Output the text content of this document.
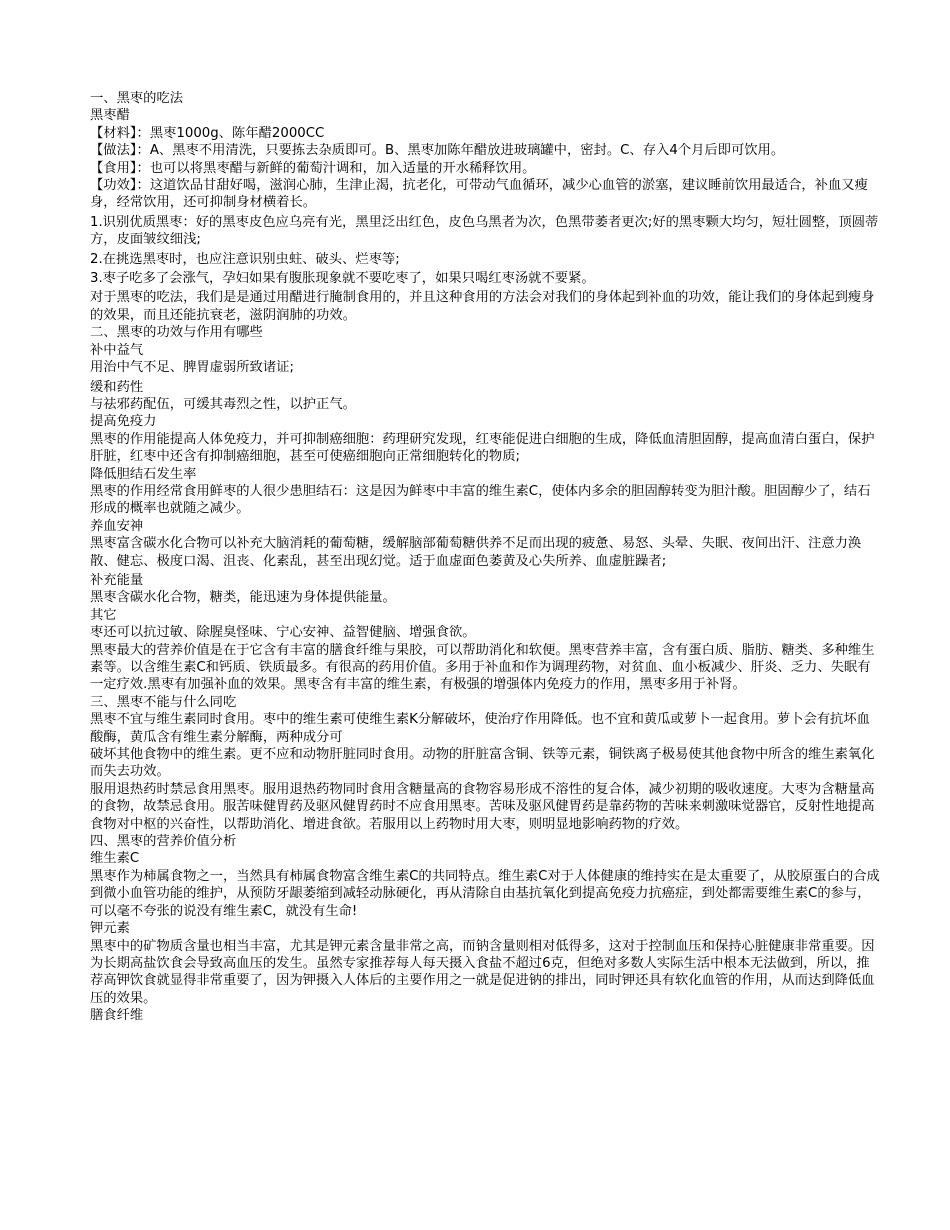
一、黑枣的吃法

黑枣醋

【材料】：黑枣1000g、陈年醋2000CC

【做法】：A、黑枣不用清洗，只要拣去杂质即可。B、黑枣加陈年醋放进玻璃罐中，密封。C、存入4个月后即可饮用。

【食用】：也可以将黑枣醋与新鲜的葡萄汁调和，加入适量的开水稀释饮用。

【功效】：这道饮品甘甜好喝，滋润心肺，生津止渴，抗老化，可带动气血循环，减少心血管的淤塞，建议睡前饮用最适合，补血又瘦身，经常饮用，还可抑制身材横着长。

1.识别优质黑枣：好的黑枣皮色应乌亮有光，黑里泛出红色，皮色乌黑者为次，色黑带萎者更次;好的黑枣颗大均匀，短壮圆整，顶圆蒂方，皮面皱纹细浅;

2.在挑选黑枣时，也应注意识别虫蛀、破头、烂枣等;

3.枣子吃多了会涨气，孕妇如果有腹胀现象就不要吃枣了，如果只喝红枣汤就不要紧。

对于黑枣的吃法，我们是是通过用醋进行腌制食用的，并且这种食用的方法会对我们的身体起到补血的功效，能让我们的身体起到瘦身的效果，而且还能抗衰老，滋阴润肺的功效。

二、黑枣的功效与作用有哪些

补中益气

用治中气不足、脾胃虚弱所致诸证;

缓和药性

与祛邪药配伍，可缓其毒烈之性，以护正气。

提高免疫力

黑枣的作用能提高人体免疫力，并可抑制癌细胞：药理研究发现，红枣能促进白细胞的生成，降低血清胆固醇，提高血清白蛋白，保护肝脏，红枣中还含有抑制癌细胞，甚至可使癌细胞向正常细胞转化的物质;

降低胆结石发生率

黑枣的作用经常食用鲜枣的人很少患胆结石：这是因为鲜枣中丰富的维生素C，使体内多余的胆固醇转变为胆汁酸。胆固醇少了，结石形成的概率也就随之减少。

养血安神

黑枣富含碳水化合物可以补充大脑消耗的葡萄糖，缓解脑部葡萄糖供养不足而出现的疲惫、易怒、头晕、失眠、夜间出汗、注意力涣散、健忘、极度口渴、沮丧、化素乱，甚至出现幻觉。适于血虚面色萎黄及心失所养、血虚脏躁者;

补充能量

黑枣含碳水化合物，糖类，能迅速为身体提供能量。

其它

枣还可以抗过敏、除腥臭怪味、宁心安神、益智健脑、增强食欲。

黑枣最大的营养价值是在于它含有丰富的膳食纤维与果胶，可以帮助消化和软便。黑枣营养丰富，含有蛋白质、脂肪、糖类、多种维生素等。以含维生素C和钙质、铁质最多。有很高的药用价值。多用于补血和作为调理药物，对贫血、血小板减少、肝炎、乏力、失眠有一定疗效.黑枣有加强补血的效果。黑枣含有丰富的维生素，有极强的增强体内免疫力的作用，黑枣多用于补肾。

三、黑枣不能与什么同吃

黑枣不宜与维生素同时食用。枣中的维生素可使维生素K分解破坏，使治疗作用降低。也不宜和黄瓜或萝卜一起食用。萝卜会有抗坏血酸酶，黄瓜含有维生素分解酶，两种成分可

破坏其他食物中的维生素。更不应和动物肝脏同时食用。动物的肝脏富含铜、铁等元素，铜铁离子极易使其他食物中所含的维生素氧化而失去功效。

服用退热药时禁忌食用黑枣。服用退热药物同时食用含糖量高的食物容易形成不溶性的复合体，减少初期的吸收速度。大枣为含糖量高的食物，故禁忌食用。服苦味健胃药及驱风健胃药时不应食用黑枣。苦味及驱风健胃药是靠药物的苦味来刺激味觉器官，反射性地提高食物对中枢的兴奋性，以帮助消化、增进食欲。若服用以上药物时用大枣，则明显地影响药物的疗效。

四、黑枣的营养价值分析

维生素C

黑枣作为柿属食物之一，当然具有柿属食物富含维生素C的共同特点。维生素C对于人体健康的维持实在是太重要了，从胶原蛋白的合成到微小血管功能的维护，从预防牙龈萎缩到减轻动脉硬化，再从清除自由基抗氧化到提高免疫力抗癌症，到处都需要维生素C的参与，可以毫不夸张的说没有维生素C，就没有生命!

钾元素

黑枣中的矿物质含量也相当丰富，尤其是钾元素含量非常之高，而钠含量则相对低得多，这对于控制血压和保持心脏健康非常重要。因为长期高盐饮食会导致高血压的发生。虽然专家推荐每人每天摄入食盐不超过6克，但绝对多数人实际生活中根本无法做到，所以，推荐高钾饮食就显得非常重要了，因为钾摄入人体后的主要作用之一就是促进钠的排出，同时钾还具有软化血管的作用，从而达到降低血压的效果。

膳食纤维
